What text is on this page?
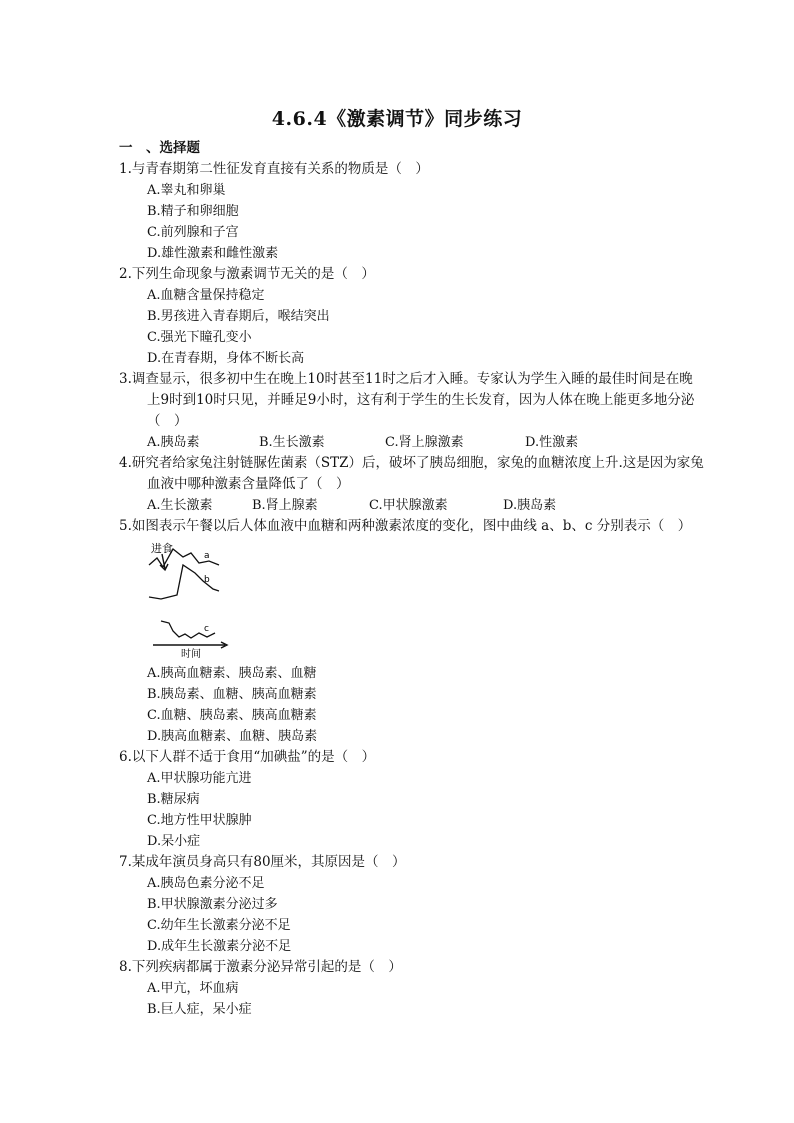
4.6.4《激素调节》同步练习
一　、选择题
1.与青春期第二性征发育直接有关系的物质是（　）
A.睾丸和卵巢
B.精子和卵细胞
C.前列腺和子宫
D.雄性激素和雌性激素
2.下列生命现象与激素调节无关的是（　）
A.血糖含量保持稳定
B.男孩进入青春期后，喉结突出
C.强光下瞳孔变小
D.在青春期，身体不断长高
3.调查显示，很多初中生在晚上10时甚至11时之后才入睡。专家认为学生入睡的最佳时间是在晚上9时到10时只见，并睡足9小时，这有利于学生的生长发育，因为人体在晚上能更多地分泌（　）
A.胰岛素	B.生长激素	C.肾上腺激素	D.性激素
4.研究者给家兔注射链脲佐菌素（STZ）后，破坏了胰岛细胞，家兔的血糖浓度上升.这是因为家兔血液中哪种激素含量降低了（　）
A.生长激素	B.肾上腺素	C.甲状腺激素	D.胰岛素
5.如图表示午餐以后人体血液中血糖和两种激素浓度的变化，图中曲线 a、b、c 分别表示（　）
进食
a
b
c
时间
A.胰高血糖素、胰岛素、血糖
B.胰岛素、血糖、胰高血糖素
C.血糖、胰岛素、胰高血糖素
D.胰高血糖素、血糖、胰岛素
6.以下人群不适于食用“加碘盐”的是（　）
A.甲状腺功能亢进
B.糖尿病
C.地方性甲状腺肿
D.呆小症
7.某成年演员身高只有80厘米，其原因是（　）
A.胰岛色素分泌不足
B.甲状腺激素分泌过多
C.幼年生长激素分泌不足
D.成年生长激素分泌不足
8.下列疾病都属于激素分泌异常引起的是（　）
A.甲亢，坏血病
B.巨人症，呆小症
